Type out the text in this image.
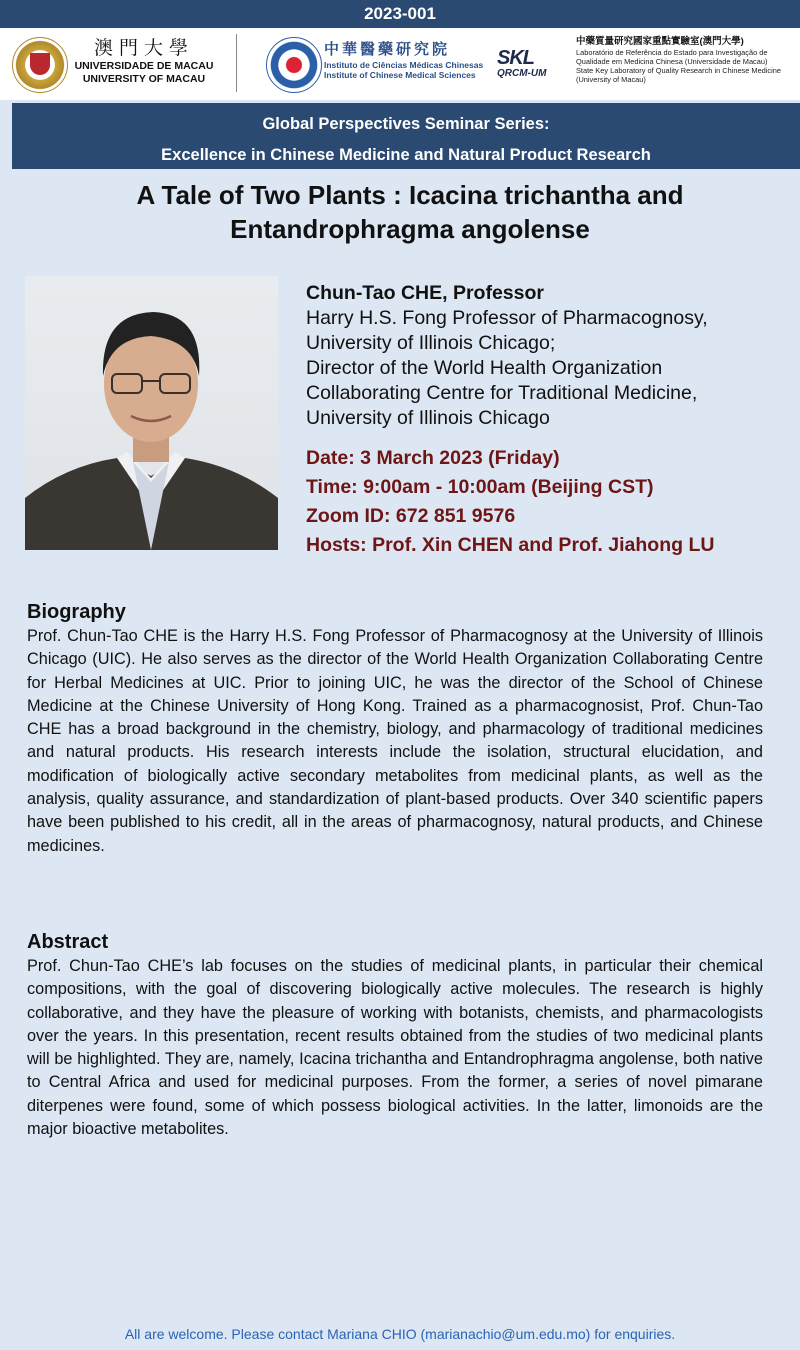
2023-001
澳門大學
UNIVERSIDADE DE MACAU
UNIVERSITY OF MACAU
中華醫藥研究院
Instituto de Ciências Médicas Chinesas
Institute of Chinese Medical Sciences
SKL
QRCM-UM
中藥質量研究國家重點實驗室(澳門大學)
Laboratório de Referência do Estado para Investigação de Qualidade em Medicina Chinesa (Universidade de Macau)
State Key Laboratory of Quality Research in Chinese Medicine (University of Macau)
Global Perspectives Seminar Series:
Excellence in Chinese Medicine and Natural Product Research
A Tale of Two Plants : Icacina trichantha and
Entandrophragma angolense
Chun-Tao CHE, Professor
Harry H.S. Fong Professor of Pharmacognosy,
University of Illinois Chicago;
Director of the World Health Organization
Collaborating Centre for Traditional Medicine,
University of Illinois Chicago
Date: 3 March 2023 (Friday)
Time: 9:00am - 10:00am (Beijing CST)
Zoom ID: 672 851 9576
Hosts: Prof. Xin CHEN and Prof. Jiahong LU
Biography

Prof. Chun-Tao CHE is the Harry H.S. Fong Professor of Pharmacognosy at the University of Illinois Chicago (UIC). He also serves as the director of the World Health Organization Collaborating Centre for Herbal Medicines at UIC. Prior to joining UIC, he was the director of the School of Chinese Medicine at the Chinese University of Hong Kong. Trained as a pharmacognosist, Prof. Chun-Tao CHE has a broad background in the chemistry, biology, and pharmacology of traditional medicines and natural products. His research interests include the isolation, structural elucidation, and modification of biologically active secondary metabolites from medicinal plants, as well as the analysis, quality assurance, and standardization of plant-based products. Over 340 scientific papers have been published to his credit, all in the areas of pharmacognosy, natural products, and Chinese medicines.

Abstract

Prof. Chun-Tao CHE’s lab focuses on the studies of medicinal plants, in particular their chemical compositions, with the goal of discovering biologically active molecules. The research is highly collaborative, and they have the pleasure of working with botanists, chemists, and pharmacologists over the years. In this presentation, recent results obtained from the studies of two medicinal plants will be highlighted. They are, namely, Icacina trichantha and Entandrophragma angolense, both native to Central Africa and used for medicinal purposes. From the former, a series of novel pimarane diterpenes were found, some of which possess biological activities. In the latter, limonoids are the major bioactive metabolites.

All are welcome. Please contact Mariana CHIO (marianachio@um.edu.mo) for enquiries.
